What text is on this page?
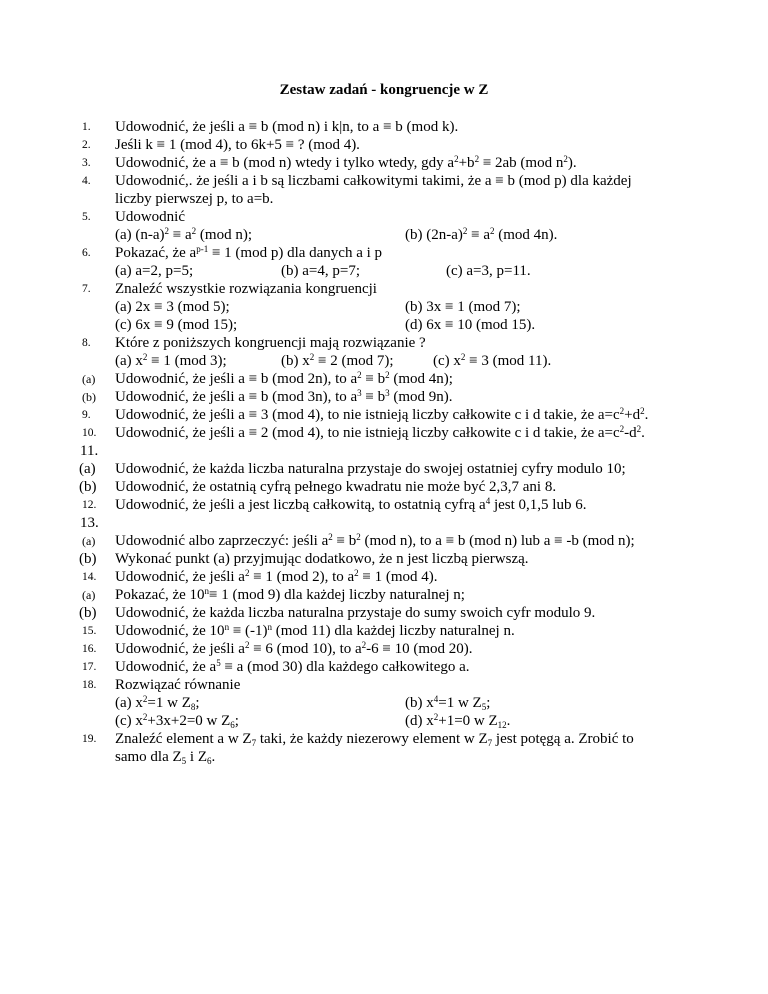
Zestaw zadań - kongruencje w Z
1. Udowodnić, że jeśli a ≡ b (mod n) i k|n, to a ≡ b (mod k).
2. Jeśli k ≡ 1 (mod 4), to 6k+5 ≡ ? (mod 4).
3. Udowodnić, że a ≡ b (mod n) wtedy i tylko wtedy, gdy $a^2+b^2 \equiv 2ab$ (mod $n^2$).
4. Udowodnić,. że jeśli a i b są liczbami całkowitymi takimi, że a ≡ b (mod p) dla każdej
liczby pierwszej p, to a=b.
5. Udowodnić
(a) $(n-a)^2 \equiv a^2$ (mod n);	(b) $(2n-a)^2 \equiv a^2$ (mod 4n).
6. Pokazać, że $a^{p-1} \equiv 1$ (mod p) dla danych a i p
(a) a=2, p=5;	(b) a=4, p=7;	(c) a=3, p=11.
7. Znaleźć wszystkie rozwiązania kongruencji
(a) 2x ≡ 3 (mod 5);	(b) 3x ≡ 1 (mod 7);
(c) 6x ≡ 9 (mod 15);	(d) 6x ≡ 10 (mod 15).
8. Które z poniższych kongruencji mają rozwiązanie ?
(a) $x^2 \equiv 1$ (mod 3);	(b) $x^2 \equiv 2$ (mod 7);	(c) $x^2 \equiv 3$ (mod 11).
(a) Udowodnić, że jeśli a ≡ b (mod 2n), to $a^2 \equiv b^2$ (mod 4n);
(b) Udowodnić, że jeśli a ≡ b (mod 3n), to $a^3 \equiv b^3$ (mod 9n).
9. Udowodnić, że jeśli a ≡ 3 (mod 4), to nie istnieją liczby całkowite c i d takie, że $a=c^2+d^2$.
10. Udowodnić, że jeśli a ≡ 2 (mod 4), to nie istnieją liczby całkowite c i d takie, że $a=c^2-d^2$.
11.
(a) Udowodnić, że każda liczba naturalna przystaje do swojej ostatniej cyfry modulo 10;
(b) Udowodnić, że ostatnią cyfrą pełnego kwadratu nie może być 2,3,7 ani 8.
12. Udowodnić, że jeśli a jest liczbą całkowitą, to ostatnią cyfrą $a^4$ jest 0,1,5 lub 6.
13.
(a) Udowodnić albo zaprzeczyć: jeśli $a^2 \equiv b^2$ (mod n), to a ≡ b (mod n) lub a ≡ -b (mod n);
(b) Wykonać punkt (a) przyjmując dodatkowo, że n jest liczbą pierwszą.
14. Udowodnić, że jeśli $a^2 \equiv 1$ (mod 2), to $a^2 \equiv 1$ (mod 4).
(a) Pokazać, że $10^n\equiv 1$ (mod 9) dla każdej liczby naturalnej n;
(b) Udowodnić, że każda liczba naturalna przystaje do sumy swoich cyfr modulo 9.
15. Udowodnić, że $10^n \equiv (-1)^n$ (mod 11) dla każdej liczby naturalnej n.
16. Udowodnić, że jeśli $a^2 \equiv 6$ (mod 10), to $a^2-6 \equiv 10$ (mod 20).
17. Udowodnić, że $a^5 \equiv a$ (mod 30) dla każdego całkowitego a.
18. Rozwiązać równanie
(a) $x^2=1$ w $Z_8$;	(b) $x^4=1$ w $Z_5$;
(c) $x^2+3x+2=0$ w $Z_6$;	(d) $x^2+1=0$ w $Z_{12}$.
19. Znaleźć element a w $Z_7$ taki, że każdy niezerowy element w $Z_7$ jest potęgą a. Zrobić to
samo dla $Z_5$ i $Z_6$.
